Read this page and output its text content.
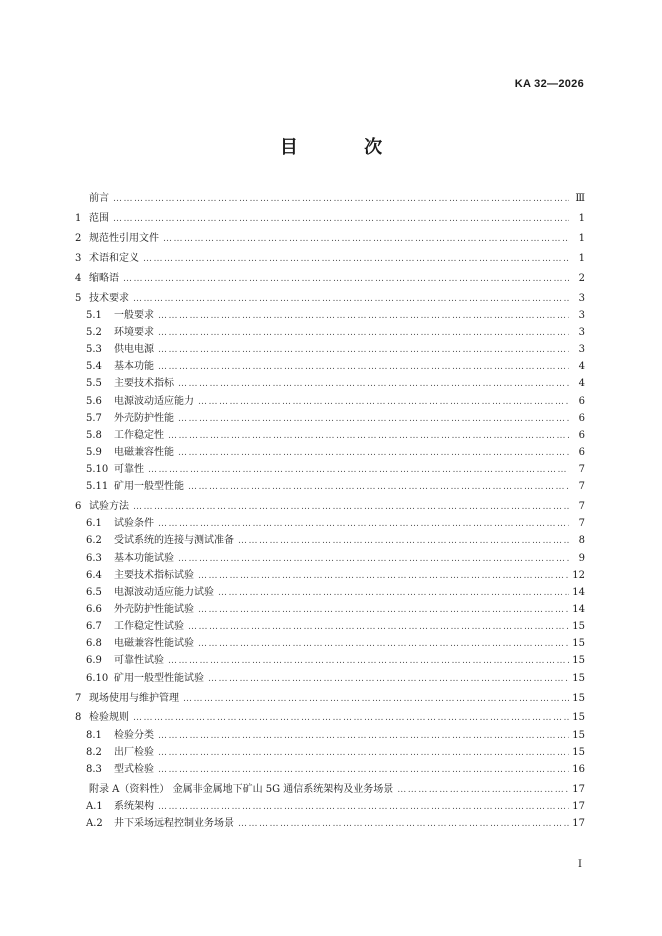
KA 32—2026
目 次
前言 ………………………………………………………………………………………………………………………………………………………………………………………………	Ⅲ
1 范围 ………………………………………………………………………………………………………………………………………………………………………………………………	1
2 规范性引用文件 ………………………………………………………………………………………………………………………………………………………………………………………………	1
3 术语和定义 ………………………………………………………………………………………………………………………………………………………………………………………………	1
4 缩略语 ………………………………………………………………………………………………………………………………………………………………………………………………	2
5 技术要求 ………………………………………………………………………………………………………………………………………………………………………………………………	3
5.1	一般要求 ………………………………………………………………………………………………………………………………………………………………………………………………	3
5.2	环境要求 ………………………………………………………………………………………………………………………………………………………………………………………………	3
5.3	供电电源 ………………………………………………………………………………………………………………………………………………………………………………………………	3
5.4	基本功能 ………………………………………………………………………………………………………………………………………………………………………………………………	4
5.5	主要技术指标 ………………………………………………………………………………………………………………………………………………………………………………………………	4
5.6	电源波动适应能力 ………………………………………………………………………………………………………………………………………………………………………………………………	6
5.7	外壳防护性能 ………………………………………………………………………………………………………………………………………………………………………………………………	6
5.8	工作稳定性 ………………………………………………………………………………………………………………………………………………………………………………………………	6
5.9	电磁兼容性能 ………………………………………………………………………………………………………………………………………………………………………………………………	6
5.10 可靠性 ………………………………………………………………………………………………………………………………………………………………………………………………	7
5.11 矿用一般型性能 ………………………………………………………………………………………………………………………………………………………………………………………………	7
6 试验方法 ………………………………………………………………………………………………………………………………………………………………………………………………	7
6.1	试验条件 ………………………………………………………………………………………………………………………………………………………………………………………………	7
6.2	受试系统的连接与测试准备 ………………………………………………………………………………………………………………………………………………………………………………………………	8
6.3	基本功能试验 ………………………………………………………………………………………………………………………………………………………………………………………………	9
6.4	主要技术指标试验 ………………………………………………………………………………………………………………………………………………………………………………………………	12
6.5	电源波动适应能力试验 ………………………………………………………………………………………………………………………………………………………………………………………………	14
6.6	外壳防护性能试验 ………………………………………………………………………………………………………………………………………………………………………………………………	14
6.7	工作稳定性试验 ………………………………………………………………………………………………………………………………………………………………………………………………	15
6.8	电磁兼容性能试验 ………………………………………………………………………………………………………………………………………………………………………………………………	15
6.9	可靠性试验 ………………………………………………………………………………………………………………………………………………………………………………………………	15
6.10 矿用一般型性能试验 ………………………………………………………………………………………………………………………………………………………………………………………………	15
7 现场使用与维护管理 ………………………………………………………………………………………………………………………………………………………………………………………………	15
8 检验规则 ………………………………………………………………………………………………………………………………………………………………………………………………	15
8.1	检验分类 ………………………………………………………………………………………………………………………………………………………………………………………………	15
8.2	出厂检验 ………………………………………………………………………………………………………………………………………………………………………………………………	15
8.3	型式检验 ………………………………………………………………………………………………………………………………………………………………………………………………	16
附录 A（资料性） 金属非金属地下矿山 5G 通信系统架构及业务场景 ………………………………………………………………………………………………………………………………………………………………………………………………	17
A.1	系统架构 ………………………………………………………………………………………………………………………………………………………………………………………………	17
A.2	井下采场远程控制业务场景 ………………………………………………………………………………………………………………………………………………………………………………………………	17
I
